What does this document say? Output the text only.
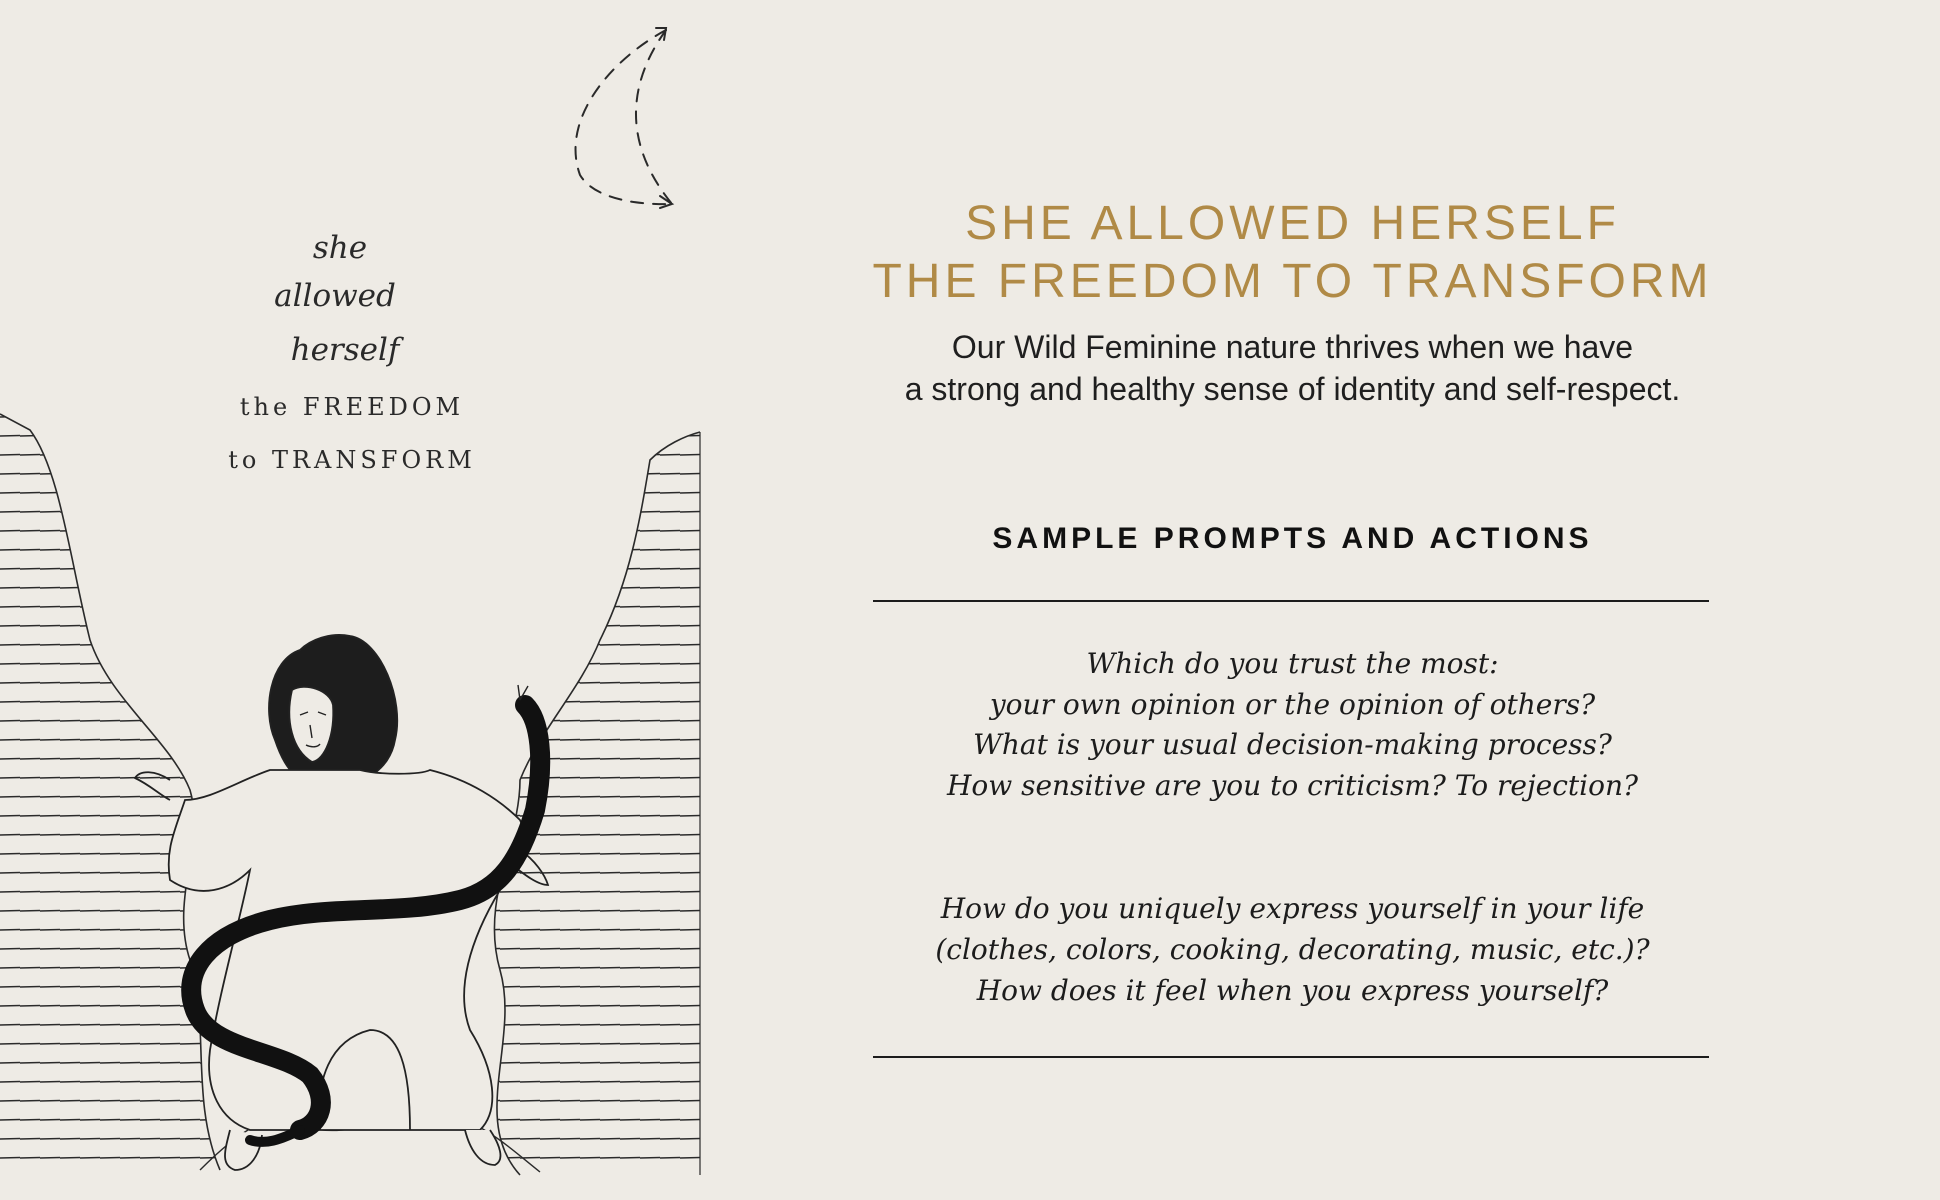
she
allowed
herself
the FREEDOM
to TRANSFORM
SHE ALLOWED HERSELF
THE FREEDOM TO TRANSFORM
Our Wild Feminine nature thrives when we have
a strong and healthy sense of identity and self-respect.
SAMPLE PROMPTS AND ACTIONS
Which do you trust the most:
your own opinion or the opinion of others?
What is your usual decision-making process?
How sensitive are you to criticism? To rejection?
How do you uniquely express yourself in your life
(clothes, colors, cooking, decorating, music, etc.)?
How does it feel when you express yourself?
